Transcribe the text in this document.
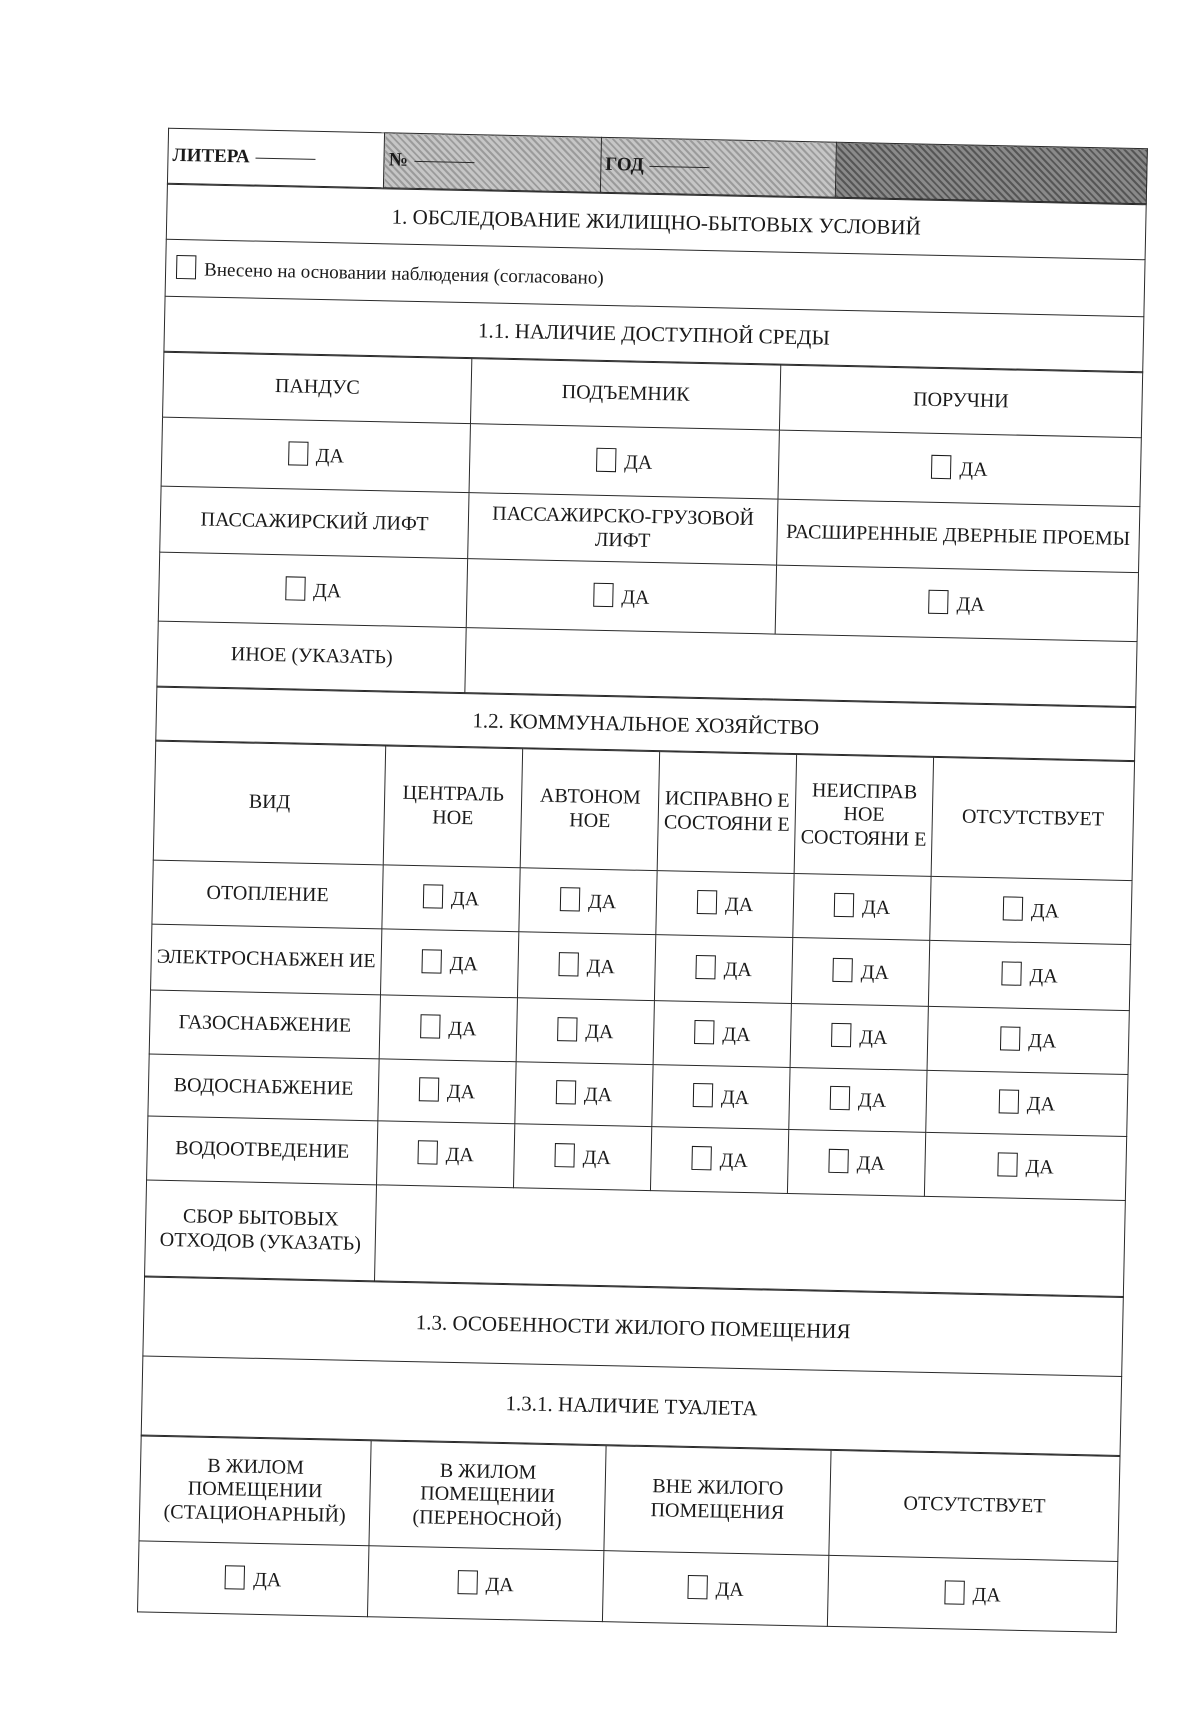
ЛИТЕРА	№	ГОД	
1. ОБСЛЕДОВАНИЕ ЖИЛИЩНО-БЫТОВЫХ УСЛОВИЙ
Внесено на основании наблюдения (согласовано)
1.1. НАЛИЧИЕ ДОСТУПНОЙ СРЕДЫ
ПАНДУС	ПОДЪЕМНИК	ПОРУЧНИ
ДА	ДА	ДА
ПАССАЖИРСКИЙ ЛИФТ	ПАССАЖИРСКО-ГРУЗОВОЙ ЛИФТ	РАСШИРЕННЫЕ ДВЕРНЫЕ ПРОЕМЫ
ДА	ДА	ДА
ИНОЕ (УКАЗАТЬ)		
1.2. КОММУНАЛЬНОЕ ХОЗЯЙСТВО
ВИД	ЦЕНТРАЛЬ НОЕ	АВТОНОМ НОЕ	ИСПРАВНО Е СОСТОЯНИ Е	НЕИСПРАВ НОЕ СОСТОЯНИ Е	ОТСУТСТВУЕТ
ОТОПЛЕНИЕ	ДА	ДА	ДА	ДА	ДА
ЭЛЕКТРОСНАБЖЕН ИЕ	ДА	ДА	ДА	ДА	ДА
ГАЗОСНАБЖЕНИЕ	ДА	ДА	ДА	ДА	ДА
ВОДОСНАБЖЕНИЕ	ДА	ДА	ДА	ДА	ДА
ВОДООТВЕДЕНИЕ	ДА	ДА	ДА	ДА	ДА
СБОР БЫТОВЫХ ОТХОДОВ (УКАЗАТЬ)					
1.3. ОСОБЕННОСТИ ЖИЛОГО ПОМЕЩЕНИЯ
1.3.1. НАЛИЧИЕ ТУАЛЕТА
В ЖИЛОМ ПОМЕЩЕНИИ (СТАЦИОНАРНЫЙ)	В ЖИЛОМ ПОМЕЩЕНИИ (ПЕРЕНОСНОЙ)	ВНЕ ЖИЛОГО ПОМЕЩЕНИЯ	ОТСУТСТВУЕТ
ДА	ДА	ДА	ДА
